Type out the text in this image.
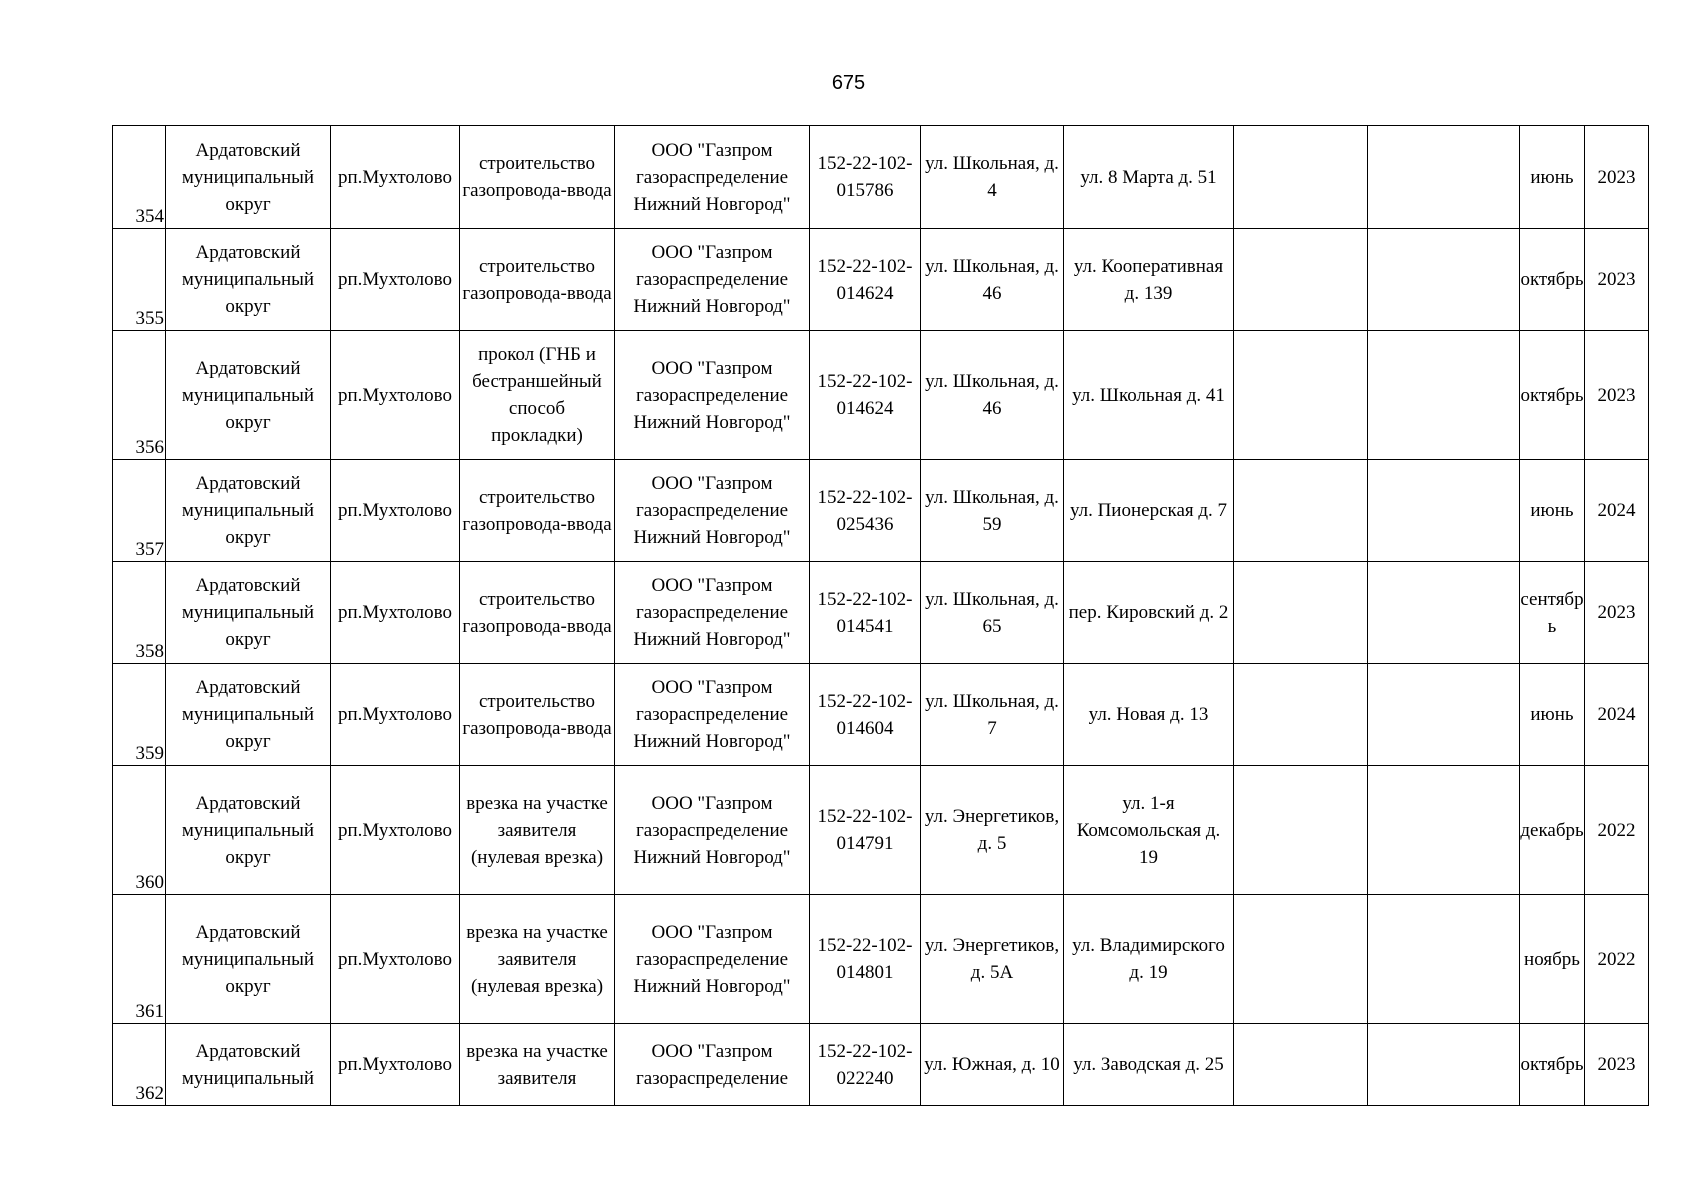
675
354	Ардатовский муниципальный округ	рп.Мухтолово	строительство газопровода-ввода	ООО "Газпром газораспределение Нижний Новгород"	152-22-102-015786	ул. Школьная, д. 4	ул. 8 Марта д. 51			июнь	2023
355	Ардатовский муниципальный округ	рп.Мухтолово	строительство газопровода-ввода	ООО "Газпром газораспределение Нижний Новгород"	152-22-102-014624	ул. Школьная, д. 46	ул. Кооперативная д. 139			октябрь	2023
356	Ардатовский муниципальный округ	рп.Мухтолово	прокол (ГНБ и бестраншейный способ прокладки)	ООО "Газпром газораспределение Нижний Новгород"	152-22-102-014624	ул. Школьная, д. 46	ул. Школьная д. 41			октябрь	2023
357	Ардатовский муниципальный округ	рп.Мухтолово	строительство газопровода-ввода	ООО "Газпром газораспределение Нижний Новгород"	152-22-102-025436	ул. Школьная, д. 59	ул. Пионерская д. 7			июнь	2024
358	Ардатовский муниципальный округ	рп.Мухтолово	строительство газопровода-ввода	ООО "Газпром газораспределение Нижний Новгород"	152-22-102-014541	ул. Школьная, д. 65	пер. Кировский д. 2			сентябрь	2023
359	Ардатовский муниципальный округ	рп.Мухтолово	строительство газопровода-ввода	ООО "Газпром газораспределение Нижний Новгород"	152-22-102-014604	ул. Школьная, д. 7	ул. Новая д. 13			июнь	2024
360	Ардатовский муниципальный округ	рп.Мухтолово	врезка на участке заявителя (нулевая врезка)	ООО "Газпром газораспределение Нижний Новгород"	152-22-102-014791	ул. Энергетиков, д. 5	ул. 1-я Комсомольская д. 19			декабрь	2022
361	Ардатовский муниципальный округ	рп.Мухтолово	врезка на участке заявителя (нулевая врезка)	ООО "Газпром газораспределение Нижний Новгород"	152-22-102-014801	ул. Энергетиков, д. 5А	ул. Владимирского д. 19			ноябрь	2022
362	Ардатовский муниципальный	рп.Мухтолово	врезка на участке заявителя	ООО "Газпром газораспределение	152-22-102-022240	ул. Южная, д. 10	ул. Заводская д. 25			октябрь	2023
